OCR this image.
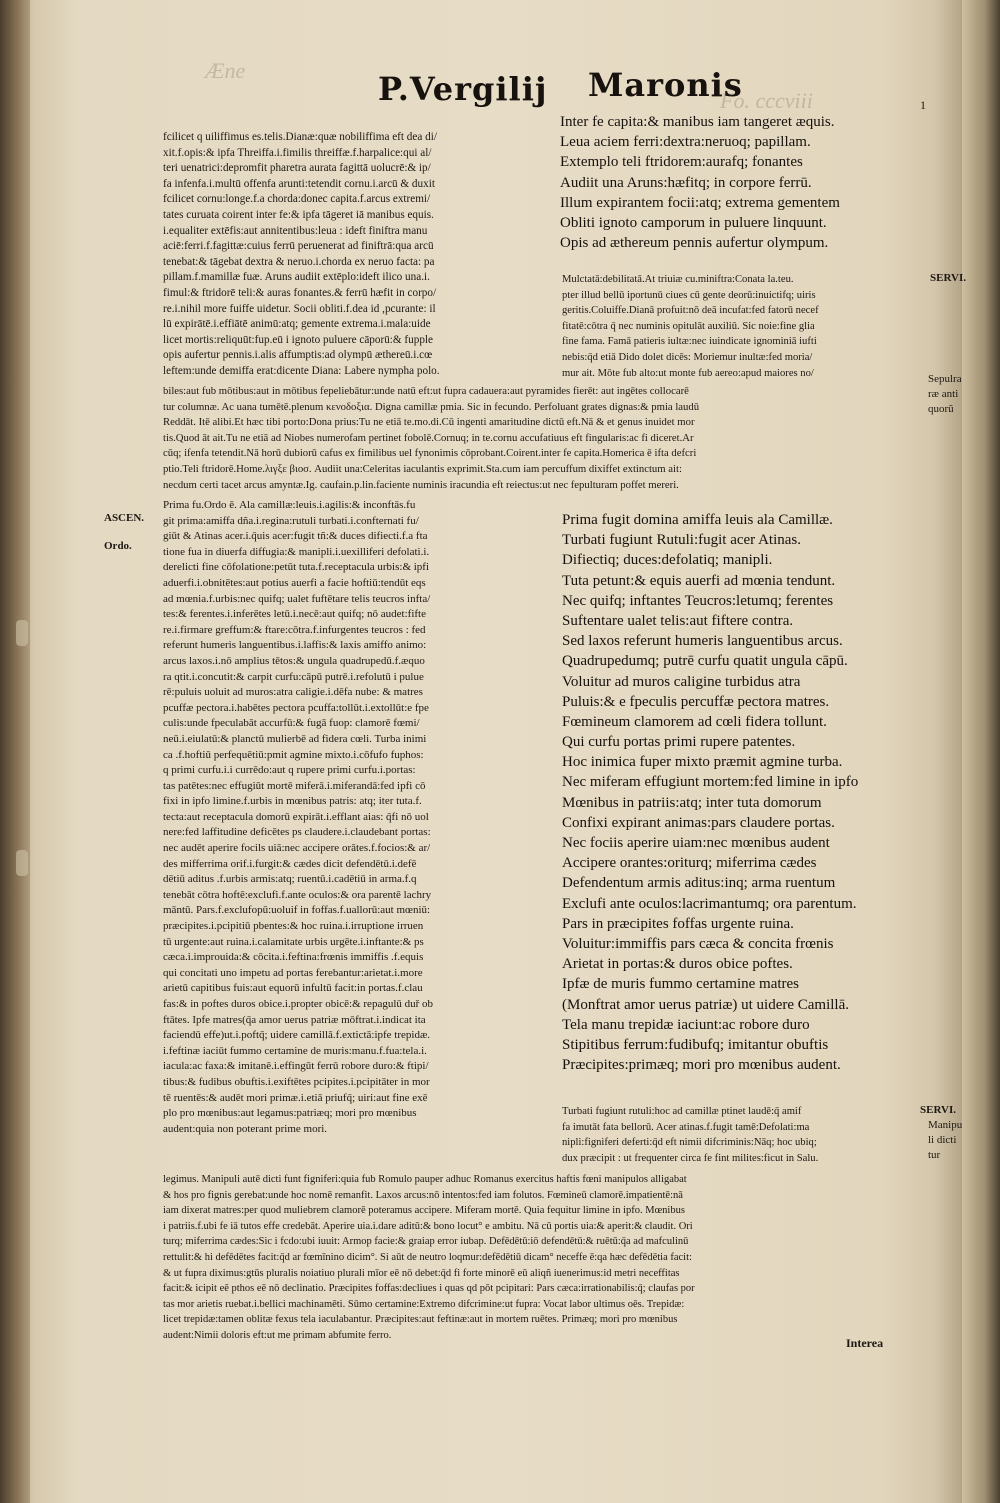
Æne
Fo. cccviii
P.Vergilij Maronis
1
fcilicet q uiliffimus es.telis.Dianæ:quæ nobiliffima eft dea di/
xit.f.opis:& ipfa Threiffa.i.fimilis threiffæ.f.harpalice:qui al/
teri uenatrici:depromfit pharetra aurata fagittā uolucrē:& ip/
fa infenfa.i.multū offenfa arunti:tetendit cornu.i.arcū & duxit
fcilicet cornu:longe.f.a chorda:donec capita.f.arcus extremi/
tates curuata coirent inter fe:& ipfa tāgeret iā manibus equis.
i.equaliter extēfis:aut annitentibus:leua : ideft finiftra manu
aciē:ferri.f.fagittæ:cuius ferrū peruenerat ad finiftrā:qua arcū
tenebat:& tāgebat dextra & neruo.i.chorda ex neruo facta: pa
pillam.f.mamillæ fuæ. Aruns audiit extēplo:ideft ilico una.i.
fimul:& ftridorē teli:& auras fonantes.& ferrū hæfit in corpo/
re.i.nihil more fuiffe uidetur. Socii obliti.f.dea id ,pcurante: il
lū expirātē.i.effiātē animū:atq; gemente extrema.i.mala:uide
licet mortis:reliquūt:fup.eū i ignoto puluere cāporū:& fupple
opis aufertur pennis.i.alis affumptis:ad olympū æthereū.i.cœ
leftem:unde demiffa erat:dicente Diana: Labere nympha polo.
Inter fe capita:& manibus iam tangeret æquis.
Leua aciem ferri:dextra:neruoq; papillam.
Extemplo teli ftridorem:aurafq; fonantes
Audiit una Aruns:hæfitq; in corpore ferrū.
Illum expirantem focii:atq; extrema gementem
Obliti ignoto camporum in puluere linquunt.
Opis ad æthereum pennis aufertur olympum.
Mulctatā:debilitatā.At triuiæ cu.miniftra:Conata la.teu.
pter illud bellū iportunū ciues cū gente deorū:inuictifq; uiris
geritis.Coluiffe.Dianā profuit:nō deā incufat:fed fatorū necef
fitatē:cōtra q̄ nec numinis opitulāt auxiliū. Sic noie:fine glia
fine fama. Famā patieris iultæ:nec iuindicate ignominiā iufti
nebis:q̄d etiā Dido dolet dicēs: Moriemur inultæ:fed moria/
mur ait. Mōte fub alto:ut monte fub aereo:apud maiores no/
biles:aut fub mōtibus:aut in mōtibus fepeliebātur:unde natū eft:ut fupra cadauera:aut pyramides fierēt: aut ingētes collocarē
tur columnæ. Ac uana tumētē.plenum κενοδοξια. Digna camillæ pmia. Sic in fecundo. Perfoluant grates dignas:& pmia laudū
Reddāt. Itē alibi.Et hæc tibi porto:Dona prius:Tu ne etiā te.mo.di.Cū ingenti amaritudine dictū eft.Nā & et genus inuidet mor
tis.Quod āt ait.Tu ne etiā ad Niobes numerofam pertinet fobolē.Cornuq; in te.cornu accufatiuus eft fingularis:ac fi diceret.Ar
cūq; ifenfa tetendit.Nā horū dubiorū cafus ex fimilibus uel fynonimis cōprobant.Coirent.inter fe capita.Homerica ē ifta defcri
ptio.Teli ftridorē.Home.λιγξε βιοσ. Audiit una:Celeritas iaculantis exprimit.Sta.cum iam percuffum dixiffet extinctum ait:
necdum certi tacet arcus amyntæ.Ig. caufain.p.lin.faciente numinis iracundia eft reiectus:ut nec fepulturam poffet mereri.
Prima fu.Ordo ē. Ala camillæ:leuis.i.agilis:& inconftās.fu
git prima:amiffa dña.i.regina:rutuli turbati.i.confternati fu/
giūt & Atinas acer.i.q̄uis acer:fugit tñ:& duces difiecti.f.a fta
tione fua in diuerfa diffugia:& manipli.i.uexilliferi defolati.i.
derelicti fine cōfolatione:petūt tuta.f.receptacula urbis:& ipfi
aduerfi.i.obnitētes:aut potius auerfi a facie hoftiū:tendūt eqs
ad mœnia.f.urbis:nec quifq; ualet fuftētare telis teucros infta/
tes:& ferentes.i.inferētes letū.i.necē:aut quifq; nō audet:fifte
re.i.firmare greffum:& ftare:cōtra.f.infurgentes teucros : fed
referunt humeris languentibus.i.laffis:& laxis amiffo animo:
arcus laxos.i.nō amplius tētos:& ungula quadrupedū.f.æquo
ra qtit.i.concutit:& carpit curfu:cāpū putrē.i.refolutū i pulue
rē:puluis uoluit ad muros:atra caligie.i.dēfa nube: & matres
pcuffæ pectora.i.habētes pectora pcuffa:tollūt.i.extollūt:e fpe
culis:unde fpeculabāt accurfū:& fugā fuoр: clamorē fœmi/
neū.i.eiulatū:& planctū mulierbē ad fidera cœli. Turba inimi
ca .f.hoftiū perfequētiū:pmit agmine mixto.i.cōfufo fuphos:
q primi curfu.i.i currēdo:aut q rupere primi curfu.i.portas:
tas patētes:nec effugiūt mortē miferā.i.miferandā:fed ipfi cō
fixi in ipfo limine.f.urbis in mœnibus patris: atq; iter tuta.f.
tecta:aut receptacula domorū expirāt.i.efflant aias: q̄fi nō uol
nere:fed laffitudine deficētes ps claudere.i.claudebant portas:
nec audēt aperire focils uiā:nec accipere orātes.f.focios:& ar/
des mifferrima orif.i.furgit:& cædes dicit defendētū.i.defē
dētiū aditus .f.urbis armis:atq; ruentū.i.cadētiū in arma.f.q
tenebāt cōtra hoftē:exclufi.f.ante oculos:& ora parentē lachry
māntū. Pars.f.exclufoрū:uoluif in foffas.f.uallorū:aut mœniū:
præcipites.i.pcipitiū pbentes:& hoc ruina.i.irruptione irruen
tū urgente:aut ruina.i.calamitate urbis urgēte.i.inftante:& ps
cæca.i.improuida:& cōcita.i.feftina:frœnis immiffis .f.equis
qui concitati uno impetu ad portas ferebantur:arietat.i.more
arietū capitibus fuis:aut equorū infultū facit:in portas.f.clau
fas:& in poftes duros obice.i.propter obicē:& repagulū duř ob
ftātes. Ipfe matres(q̄a amor uerus patriæ mōftrat.i.indicat ita
faciendū effe)ut.i.poftq̄; uidere camillā.f.extictā:ipfe trepidæ.
i.feftinæ iaciūt fummo certamine de muris:manu.f.fua:tela.i.
iacula:ac faxa:& imitanē.i.effingūt ferrū robore duro:& ftipi/
tibus:& fudibus obuftis.i.exiftētes pcipites.i.pcipitāter in mor
tē ruentēs:& audēt mori primæ.i.etiā priufq̄; uiri:aut fine exē
plo pro mœnibus:aut legamus:patriæq; mori pro mœnibus
audent:quia non poterant prime mori.
Prima fugit domina amiffa leuis ala Camillæ.
Turbati fugiunt Rutuli:fugit acer Atinas.
Difiectiq; duces:defolatiq; manipli.
Tuta petunt:& equis auerfi ad mœnia tendunt.
Nec quifq; inftantes Teucros:letumq; ferentes
Suftentare ualet telis:aut fiftere contra.
Sed laxos referunt humeris languentibus arcus.
Quadrupedumq; putrē curfu quatit ungula cāpū.
Voluitur ad muros caligine turbidus atra
Puluis:& e fpeculis percuffæ pectora matres.
Fœmineum clamorem ad cœli fidera tollunt.
Qui curfu portas primi rupere patentes.
Hoc inimica fuper mixto præmit agmine turba.
Nec miferam effugiunt mortem:fed limine in ipfo
Mœnibus in patriis:atq; inter tuta domorum
Confixi expirant animas:pars claudere portas.
Nec fociis aperire uiam:nec mœnibus audent
Accipere orantes:oriturq; miferrima cædes
Defendentum armis aditus:inq; arma ruentum
Exclufi ante oculos:lacrimantumq; ora parentum.
Pars in præcipites foffas urgente ruina.
Voluitur:immiffis pars cæca & concita frœnis
Arietat in portas:& duros obice poftes.
Ipfæ de muris fummo certamine matres
(Monftrat amor uerus patriæ) ut uidere Camillā.
Tela manu trepidæ iaciunt:ac robore duro
Stipitibus ferrum:fudibufq; imitantur obuftis
Præcipites:primæq; mori pro mœnibus audent.
Turbati fugiunt rutuli:hoc ad camillæ ptinet laudē:q̄ amif
fa imutāt fata bellorū. Acer atinas.f.fugit tamē:Defolati:ma
nipli:figniferi deferti:q̄d eft nimii difcriminis:Nāq; hoc ubiq;
dux præcipit : ut frequenter circa fe fint milites:ficut in Salu.
legimus. Manipuli autē dicti funt figniferi:quia fub Romulo pauper adhuc Romanus exercitus haftis fœni manipulos alligabat
& hos pro fignis gerebat:unde hoc nomē remanfit. Laxos arcus:nō intentos:fed iam folutos. Fœmineū clamorē.impatientē:nā
iam dixerat matres:per quod muliebrem clamorē poteramus accipere. Miferam mortē. Quia fequitur limine in ipfo. Mœnibus
i patriis.f.ubi fe iā tutos effe credebāt. Aperire uia.i.dare aditū:& bono locut° e ambitu. Nā cū portis uia:& aperit:& claudit. Ori
turq; miferrima cædes:Sic i fcdo:ubi iuuit: Armoр facie:& graiaр error iubaр. Defēdētū:iō defendētū:& ruētū:q̄a ad mafculinū
rettulit:& hi defēdētes facit:q̄d ar fœmīnino dicim°. Si aūt de neutro loqmur:defēdētiū dicam° neceffe ē:qa hæc defēdētia facit:
& ut fupra diximus:gtūs pluralis noiatiuo plurali mīor eē nō debet:q̄d fi forte minorē eū aliqñ iuenerimus:id metri neceffitas
facit:& icipit eē pthos eē nō declinatio. Præcipites foffas:decliues i quas qd pōt pcipitari: Pars cæca:irrationabilis:q̄; claufas por
tas mor arietis ruebat.i.bellici machinamēti. Sūmo certamine:Extremo difcrimine:ut fupra: Vocat labor ultimus oēs. Trepidæ:
licet trepidæ:tamen oblitæ fexus tela iaculabantur. Præcipites:aut feftinæ:aut in mortem ruētes. Primæq; mori pro mœnibus
audent:Nimii doloris eft:ut me primam abfumite ferro.
SERVI.
Sepulra
ræ anti
quorũ
ASCEN.
Ordo.
SERVI.
Manipu
li dicti
tur
Interea
